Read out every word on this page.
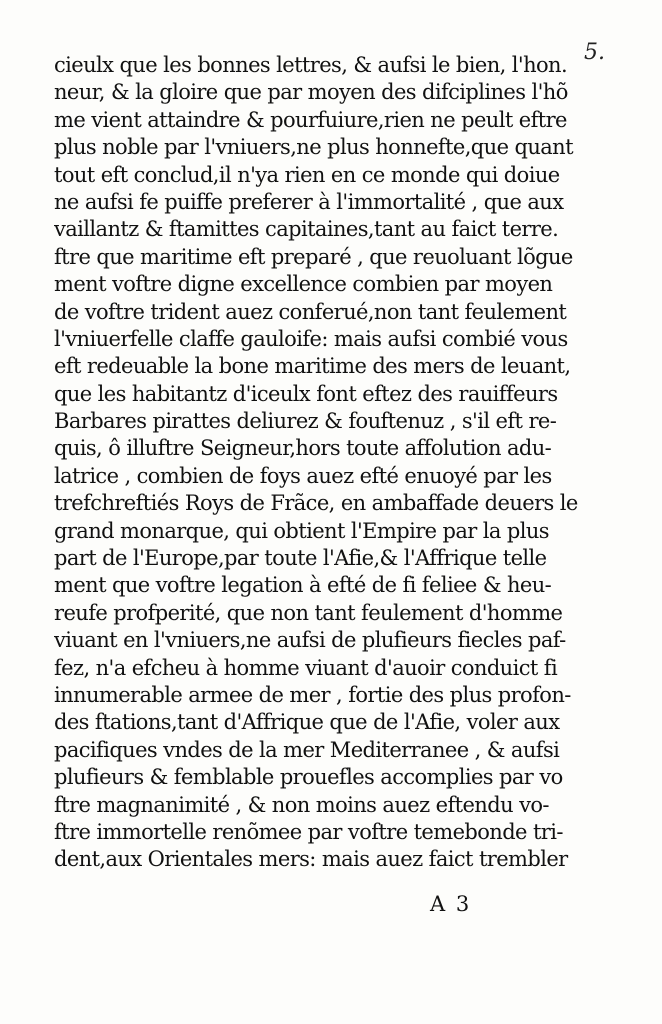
5.
cieulx que les bonnes lettres, & aufsi le bien, l'hon.
neur, & la gloire que par moyen des difciplines l'hõ
me vient attaindre & pourfuiure,rien ne peult eftre
plus noble par l'vniuers,ne plus honnefte,que quant
tout eft conclud,il n'ya rien en ce monde qui doiue
ne aufsi fe puiffe preferer à l'immortalité , que aux
vaillantz & ftamittes capitaines,tant au faict terre.
ftre que maritime eft preparé , que reuoluant lõgue
ment voftre digne excellence combien par moyen
de voftre trident auez conferué,non tant feulement
l'vniuerfelle claffe gauloife: mais aufsi combié vous
eft redeuable la bone maritime des mers de leuant,
que les habitantz d'iceulx font eftez des rauiffeurs
Barbares pirattes deliurez & fouftenuz , s'il eft re-
quis, ô illuftre Seigneur,hors toute affolution adu-
latrice , combien de foys auez efté enuoyé par les
trefchreftiés Roys de Frãce, en ambaffade deuers le
grand monarque, qui obtient l'Empire par la plus
part de l'Europe,par toute l'Afie,& l'Affrique telle
ment que voftre legation à efté de fi feliee & heu-
reufe profperité, que non tant feulement d'homme
viuant en l'vniuers,ne aufsi de plufieurs fiecles paf-
fez, n'a efcheu à homme viuant d'auoir conduict fi
innumerable armee de mer , fortie des plus profon-
des ftations,tant d'Affrique que de l'Afie, voler aux
pacifiques vndes de la mer Mediterranee , & aufsi
plufieurs & femblable prouefles accomplies par vo
ftre magnanimité , & non moins auez eftendu vo-
ftre immortelle renõmee par voftre temebonde tri-
dent,aux Orientales mers: mais auez faict trembler
A 3
